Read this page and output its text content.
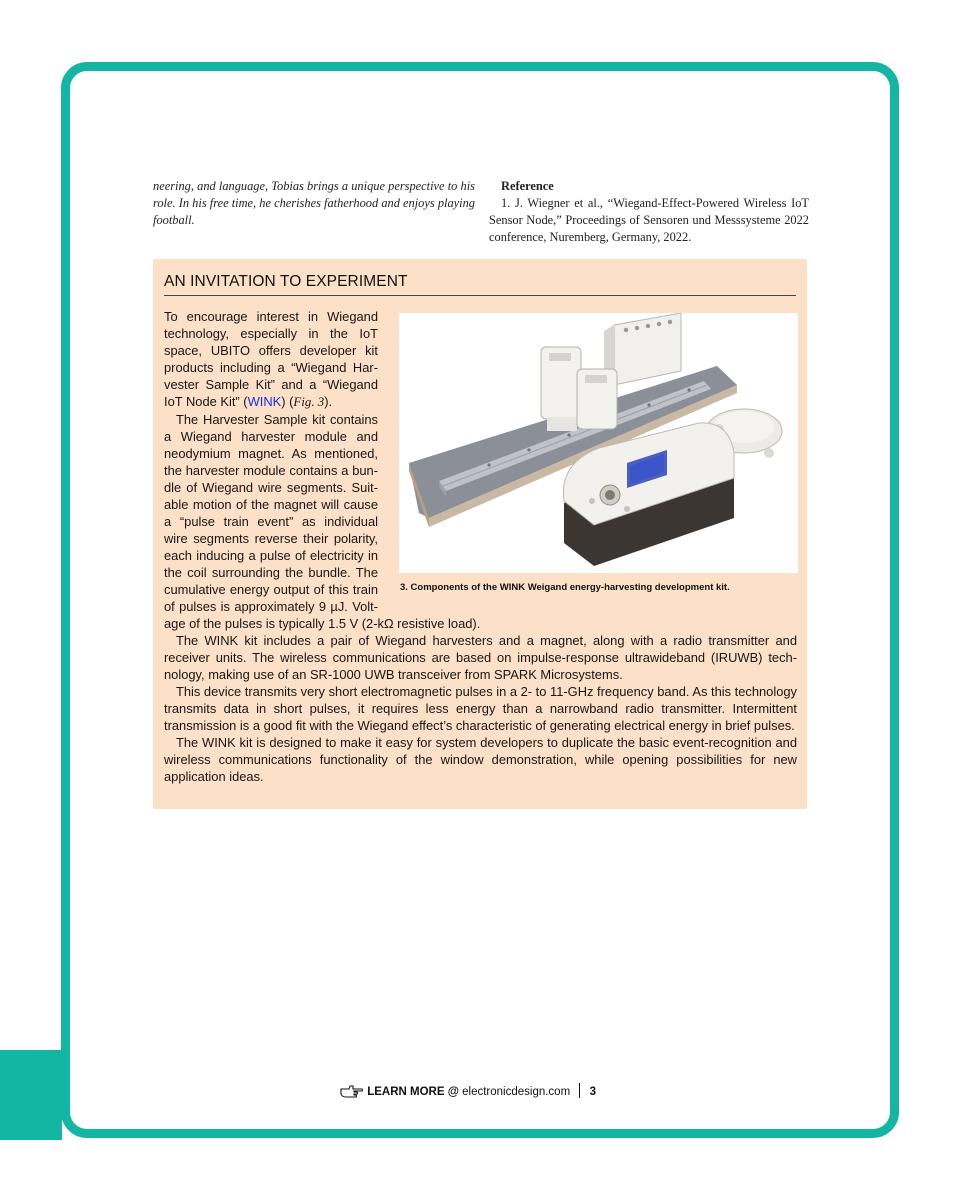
neering, and language, Tobias brings a unique perspective to his role. In his free time, he cherishes fatherhood and enjoys playing football.
Reference
1. J. Wiegner et al., “Wiegand-Effect-Powered Wireless IoT Sensor Node,” Proceedings of Sensoren und Messsysteme 2022 conference, Nuremberg, Germany, 2022.
AN INVITATION TO EXPERIMENT
3. Components of the WINK Weigand energy-harvesting development kit.

To encourage interest in Wiegand technology, especially in the IoT space, UBITO offers developer kit products including a “Wiegand Harvester Sample Kit” and a “Wiegand IoT Node Kit” (WINK) (Fig. 3).

The Harvester Sample kit contains a Wiegand harvester module and neodymium magnet. As mentioned, the harvester module contains a bundle of Wiegand wire segments. Suitable motion of the magnet will cause a “pulse train event” as individual wire segments reverse their polarity, each inducing a pulse of electricity in the coil surrounding the bundle. The cumulative energy output of this train of pulses is approximately 9 µJ. Voltage of the pulses is typically 1.5 V (2-kΩ resistive load).

The WINK kit includes a pair of Wiegand harvesters and a magnet, along with a radio transmitter and receiver units. The wireless communications are based on impulse-response ultrawideband (IRUWB) technology, making use of an SR-1000 UWB transceiver from SPARK Microsystems.

This device transmits very short electromagnetic pulses in a 2- to 11-GHz frequency band. As this technology transmits data in short pulses, it requires less energy than a narrowband radio transmitter. Intermittent transmission is a good fit with the Wiegand effect’s characteristic of generating electrical energy in brief pulses.

The WINK kit is designed to make it easy for system developers to duplicate the basic event-recognition and wireless communications functionality of the window demonstration, while opening possibilities for new application ideas.

LEARN MORE @ electronicdesign.com 3
